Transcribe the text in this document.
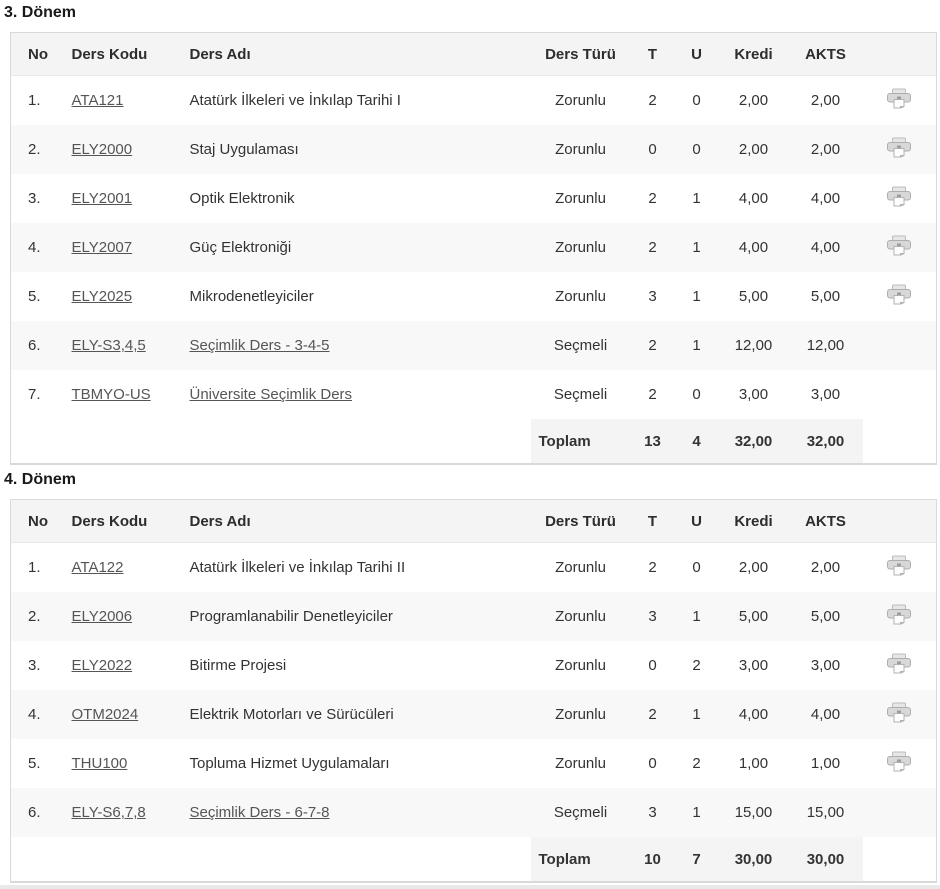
3. Dönem
No	Ders Kodu	Ders Adı	Ders Türü	T	U	Kredi	AKTS	
1.	ATA121	Atatürk İlkeleri ve İnkılap Tarihi I	Zorunlu	2	0	2,00	2,00	
2.	ELY2000	Staj Uygulaması	Zorunlu	0	0	2,00	2,00	
3.	ELY2001	Optik Elektronik	Zorunlu	2	1	4,00	4,00	
4.	ELY2007	Güç Elektroniği	Zorunlu	2	1	4,00	4,00	
5.	ELY2025	Mikrodenetleyiciler	Zorunlu	3	1	5,00	5,00	
6.	ELY-S3,4,5	Seçimlik Ders - 3-4-5	Seçmeli	2	1	12,00	12,00	
7.	TBMYO-US	Üniversite Seçimlik Ders	Seçmeli	2	0	3,00	3,00	
			Toplam	13	4	32,00	32,00	
4. Dönem
No	Ders Kodu	Ders Adı	Ders Türü	T	U	Kredi	AKTS	
1.	ATA122	Atatürk İlkeleri ve İnkılap Tarihi II	Zorunlu	2	0	2,00	2,00	
2.	ELY2006	Programlanabilir Denetleyiciler	Zorunlu	3	1	5,00	5,00	
3.	ELY2022	Bitirme Projesi	Zorunlu	0	2	3,00	3,00	
4.	OTM2024	Elektrik Motorları ve Sürücüleri	Zorunlu	2	1	4,00	4,00	
5.	THU100	Topluma Hizmet Uygulamaları	Zorunlu	0	2	1,00	1,00	
6.	ELY-S6,7,8	Seçimlik Ders - 6-7-8	Seçmeli	3	1	15,00	15,00	
			Toplam	10	7	30,00	30,00	
